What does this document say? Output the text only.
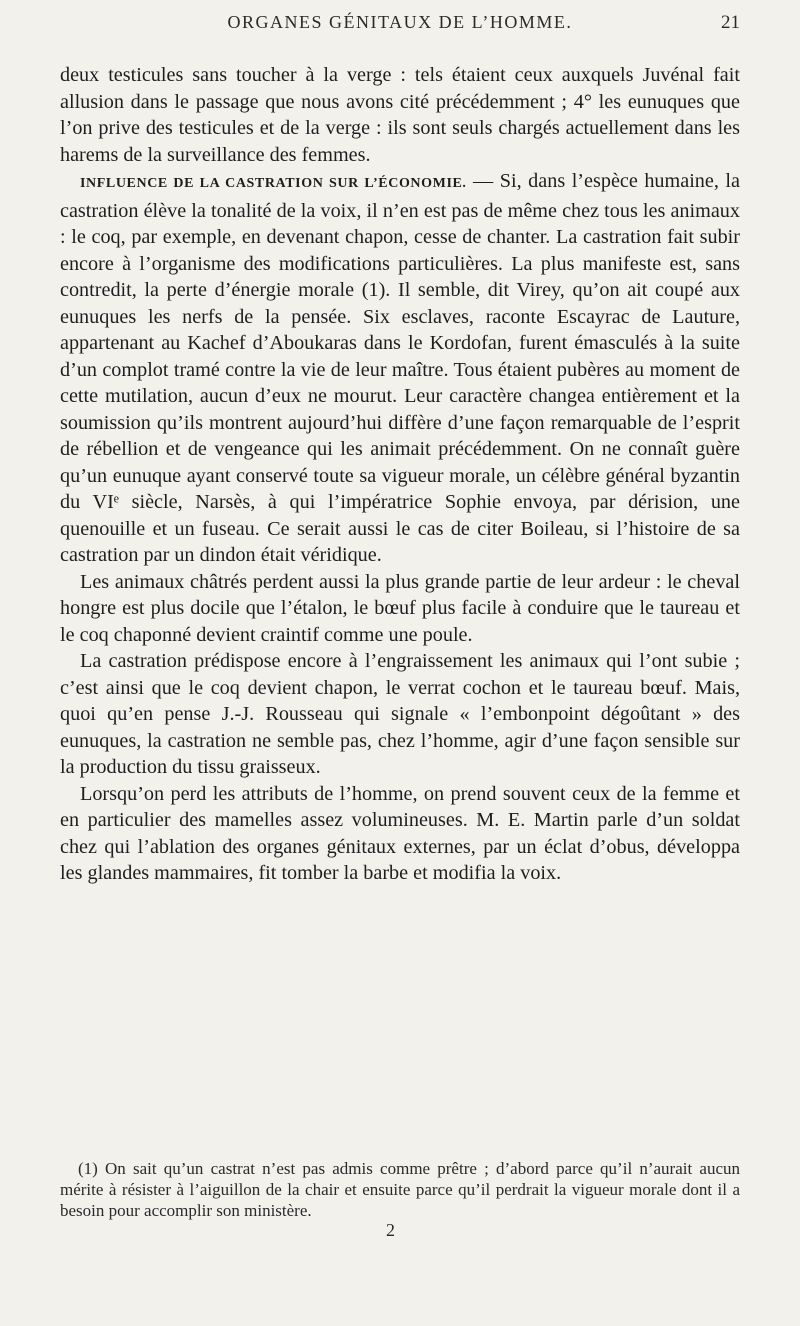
ORGANES GÉNITAUX DE L’HOMME.	21

deux testicules sans toucher à la verge : tels étaient ceux auxquels Juvénal fait allusion dans le passage que nous avons cité précédemment ; 4° les eunuques que l’on prive des testicules et de la verge : ils sont seuls chargés actuellement dans les harems de la surveillance des femmes.

INFLUENCE DE LA CASTRATION SUR L’ÉCONOMIE. — Si, dans l’espèce humaine, la castration élève la tonalité de la voix, il n’en est pas de même chez tous les animaux : le coq, par exemple, en devenant chapon, cesse de chanter. La castration fait subir encore à l’organisme des modifications particulières. La plus manifeste est, sans contredit, la perte d’énergie morale (1). Il semble, dit Virey, qu’on ait coupé aux eunuques les nerfs de la pensée. Six esclaves, raconte Escayrac de Lauture, appartenant au Kachef d’Aboukaras dans le Kordofan, furent émasculés à la suite d’un complot tramé contre la vie de leur maître. Tous étaient pubères au moment de cette mutilation, aucun d’eux ne mourut. Leur caractère changea entièrement et la soumission qu’ils montrent aujourd’hui diffère d’une façon remarquable de l’esprit de rébellion et de vengeance qui les animait précédemment. On ne connaît guère qu’un eunuque ayant conservé toute sa vigueur morale, un célèbre général byzantin du VIᵉ siècle, Narsès, à qui l’impératrice Sophie envoya, par dérision, une quenouille et un fuseau. Ce serait aussi le cas de citer Boileau, si l’histoire de sa castration par un dindon était véridique.

Les animaux châtrés perdent aussi la plus grande partie de leur ardeur : le cheval hongre est plus docile que l’étalon, le bœuf plus facile à conduire que le taureau et le coq chaponné devient craintif comme une poule.

La castration prédispose encore à l’engraissement les animaux qui l’ont subie ; c’est ainsi que le coq devient chapon, le verrat cochon et le taureau bœuf. Mais, quoi qu’en pense J.-J. Rousseau qui signale « l’embonpoint dégoûtant » des eunuques, la castration ne semble pas, chez l’homme, agir d’une façon sensible sur la production du tissu graisseux.

Lorsqu’on perd les attributs de l’homme, on prend souvent ceux de la femme et en particulier des mamelles assez volumineuses. M. E. Martin parle d’un soldat chez qui l’ablation des organes génitaux externes, par un éclat d’obus, développa les glandes mammaires, fit tomber la barbe et modifia la voix.

(1) On sait qu’un castrat n’est pas admis comme prêtre ; d’abord parce qu’il n’aurait aucun mérite à résister à l’aiguillon de la chair et ensuite parce qu’il perdrait la vigueur morale dont il a besoin pour accomplir son ministère.

2
